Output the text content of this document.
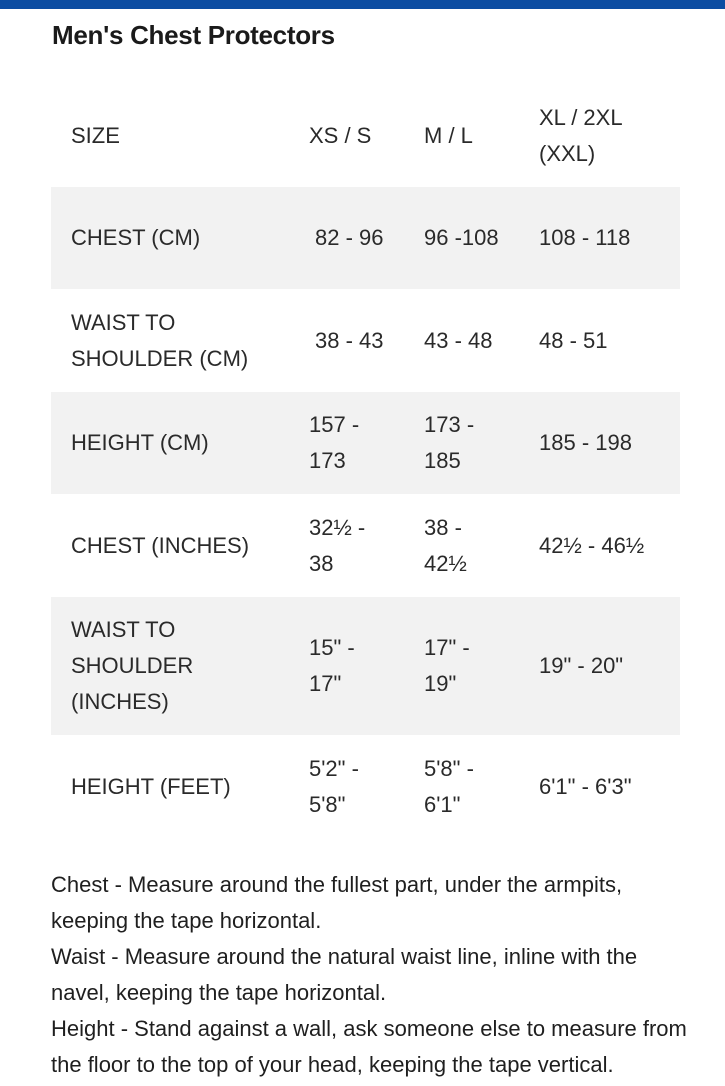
Men's Chest Protectors
SIZE	XS / S	M / L	XL / 2XL (XXL)
CHEST (CM)	82 - 96	96 -108	108 - 118
WAIST TO SHOULDER (CM)	38 - 43	43 - 48	48 - 51
HEIGHT (CM)	157 - 173	173 - 185	185 - 198
CHEST (INCHES)	32½ - 38	38 - 42½	42½ - 46½
WAIST TO SHOULDER (INCHES)	15" - 17"	17" - 19"	19" - 20"
HEIGHT (FEET)	5'2" - 5'8"	5'8" - 6'1"	6'1" - 6'3"

Chest - Measure around the fullest part, under the armpits, keeping the tape horizontal.

Waist - Measure around the natural waist line, inline with the navel, keeping the tape horizontal.

Height - Stand against a wall, ask someone else to measure from the floor to the top of your head, keeping the tape vertical.
